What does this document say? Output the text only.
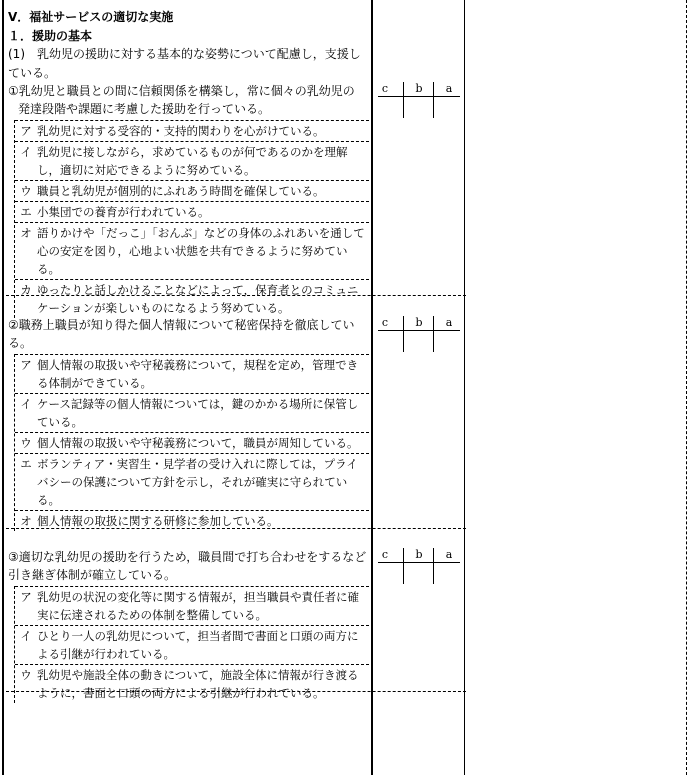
Ⅴ．福祉サービスの適切な実施
１．援助の基本
(1)　乳幼児の援助に対する基本的な姿勢について配慮し，支援している。
①乳幼児と職員との間に信頼関係を構築し，常に個々の乳幼児の
発達段階や課題に考慮した援助を行っている。
ア 乳幼児に対する受容的・支持的関わりを心がけている。
イ 乳幼児に接しながら，求めているものが何であるのかを理解し，適切に対応できるように努めている。
ウ 職員と乳幼児が個別的にふれあう時間を確保している。
エ 小集団での養育が行われている。
オ 語りかけや「だっこ」「おんぶ」などの身体のふれあいを通して心の安定を図り，心地よい状態を共有できるように努めている。
カ ゆったりと話しかけることなどによって，保育者とのコミュニケーションが楽しいものになるよう努めている。
c	b	a
②職務上職員が知り得た個人情報について秘密保持を徹底している。
ア 個人情報の取扱いや守秘義務について，規程を定め，管理できる体制ができている。
イ ケース記録等の個人情報については，鍵のかかる場所に保管している。
ウ 個人情報の取扱いや守秘義務について，職員が周知している。
エ ボランティア・実習生・見学者の受け入れに際しては，プライバシーの保護について方針を示し，それが確実に守られている。
オ 個人情報の取扱に関する研修に参加している。
c	b	a
③適切な乳幼児の援助を行うため，職員間で打ち合わせをするなど引き継ぎ体制が確立している。
ア 乳幼児の状況の変化等に関する情報が，担当職員や責任者に確実に伝達されるための体制を整備している。
イ ひとり一人の乳幼児について，担当者間で書面と口頭の両方による引継が行われている。
ウ 乳幼児や施設全体の動きについて，施設全体に情報が行き渡るように，書面と口頭の両方による引継が行われている。
c	b	a
